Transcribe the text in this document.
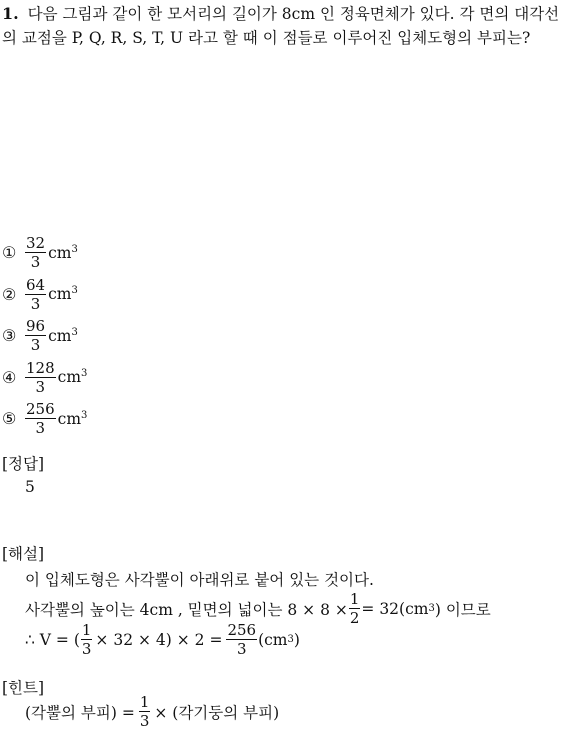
1. 다음 그림과 같이 한 모서리의 길이가 8cm 인 정육면체가 있다. 각 면의 대각선의 교점을 P, Q, R, S, T, U 라고 할 때 이 점들로 이루어진 입체도형의 부피는?
① $\frac{32}{3} cm^3$
② $\frac{64}{3} cm^3$
③ $\frac{96}{3} cm^3$
④ $\frac{128}{3} cm^3$
⑤ $\frac{256}{3} cm^3$
[정답]
5
[해설]
이 입체도형은 사각뿔이 아래위로 붙어 있는 것이다.
사각뿔의 높이는 4cm , 밑면의 넓이는 $8 \times 8 \times \frac{1}{2} = 32(cm$ 3 ) 이므로
∴ V = ( $\frac{1}{3} \times 32 \times 4) \times 2 = \frac{256}{3} (cm$ 3 )
[힌트]
(각뿔의 부피) = $\frac{1}{3}$ × (각기둥의 부피)
